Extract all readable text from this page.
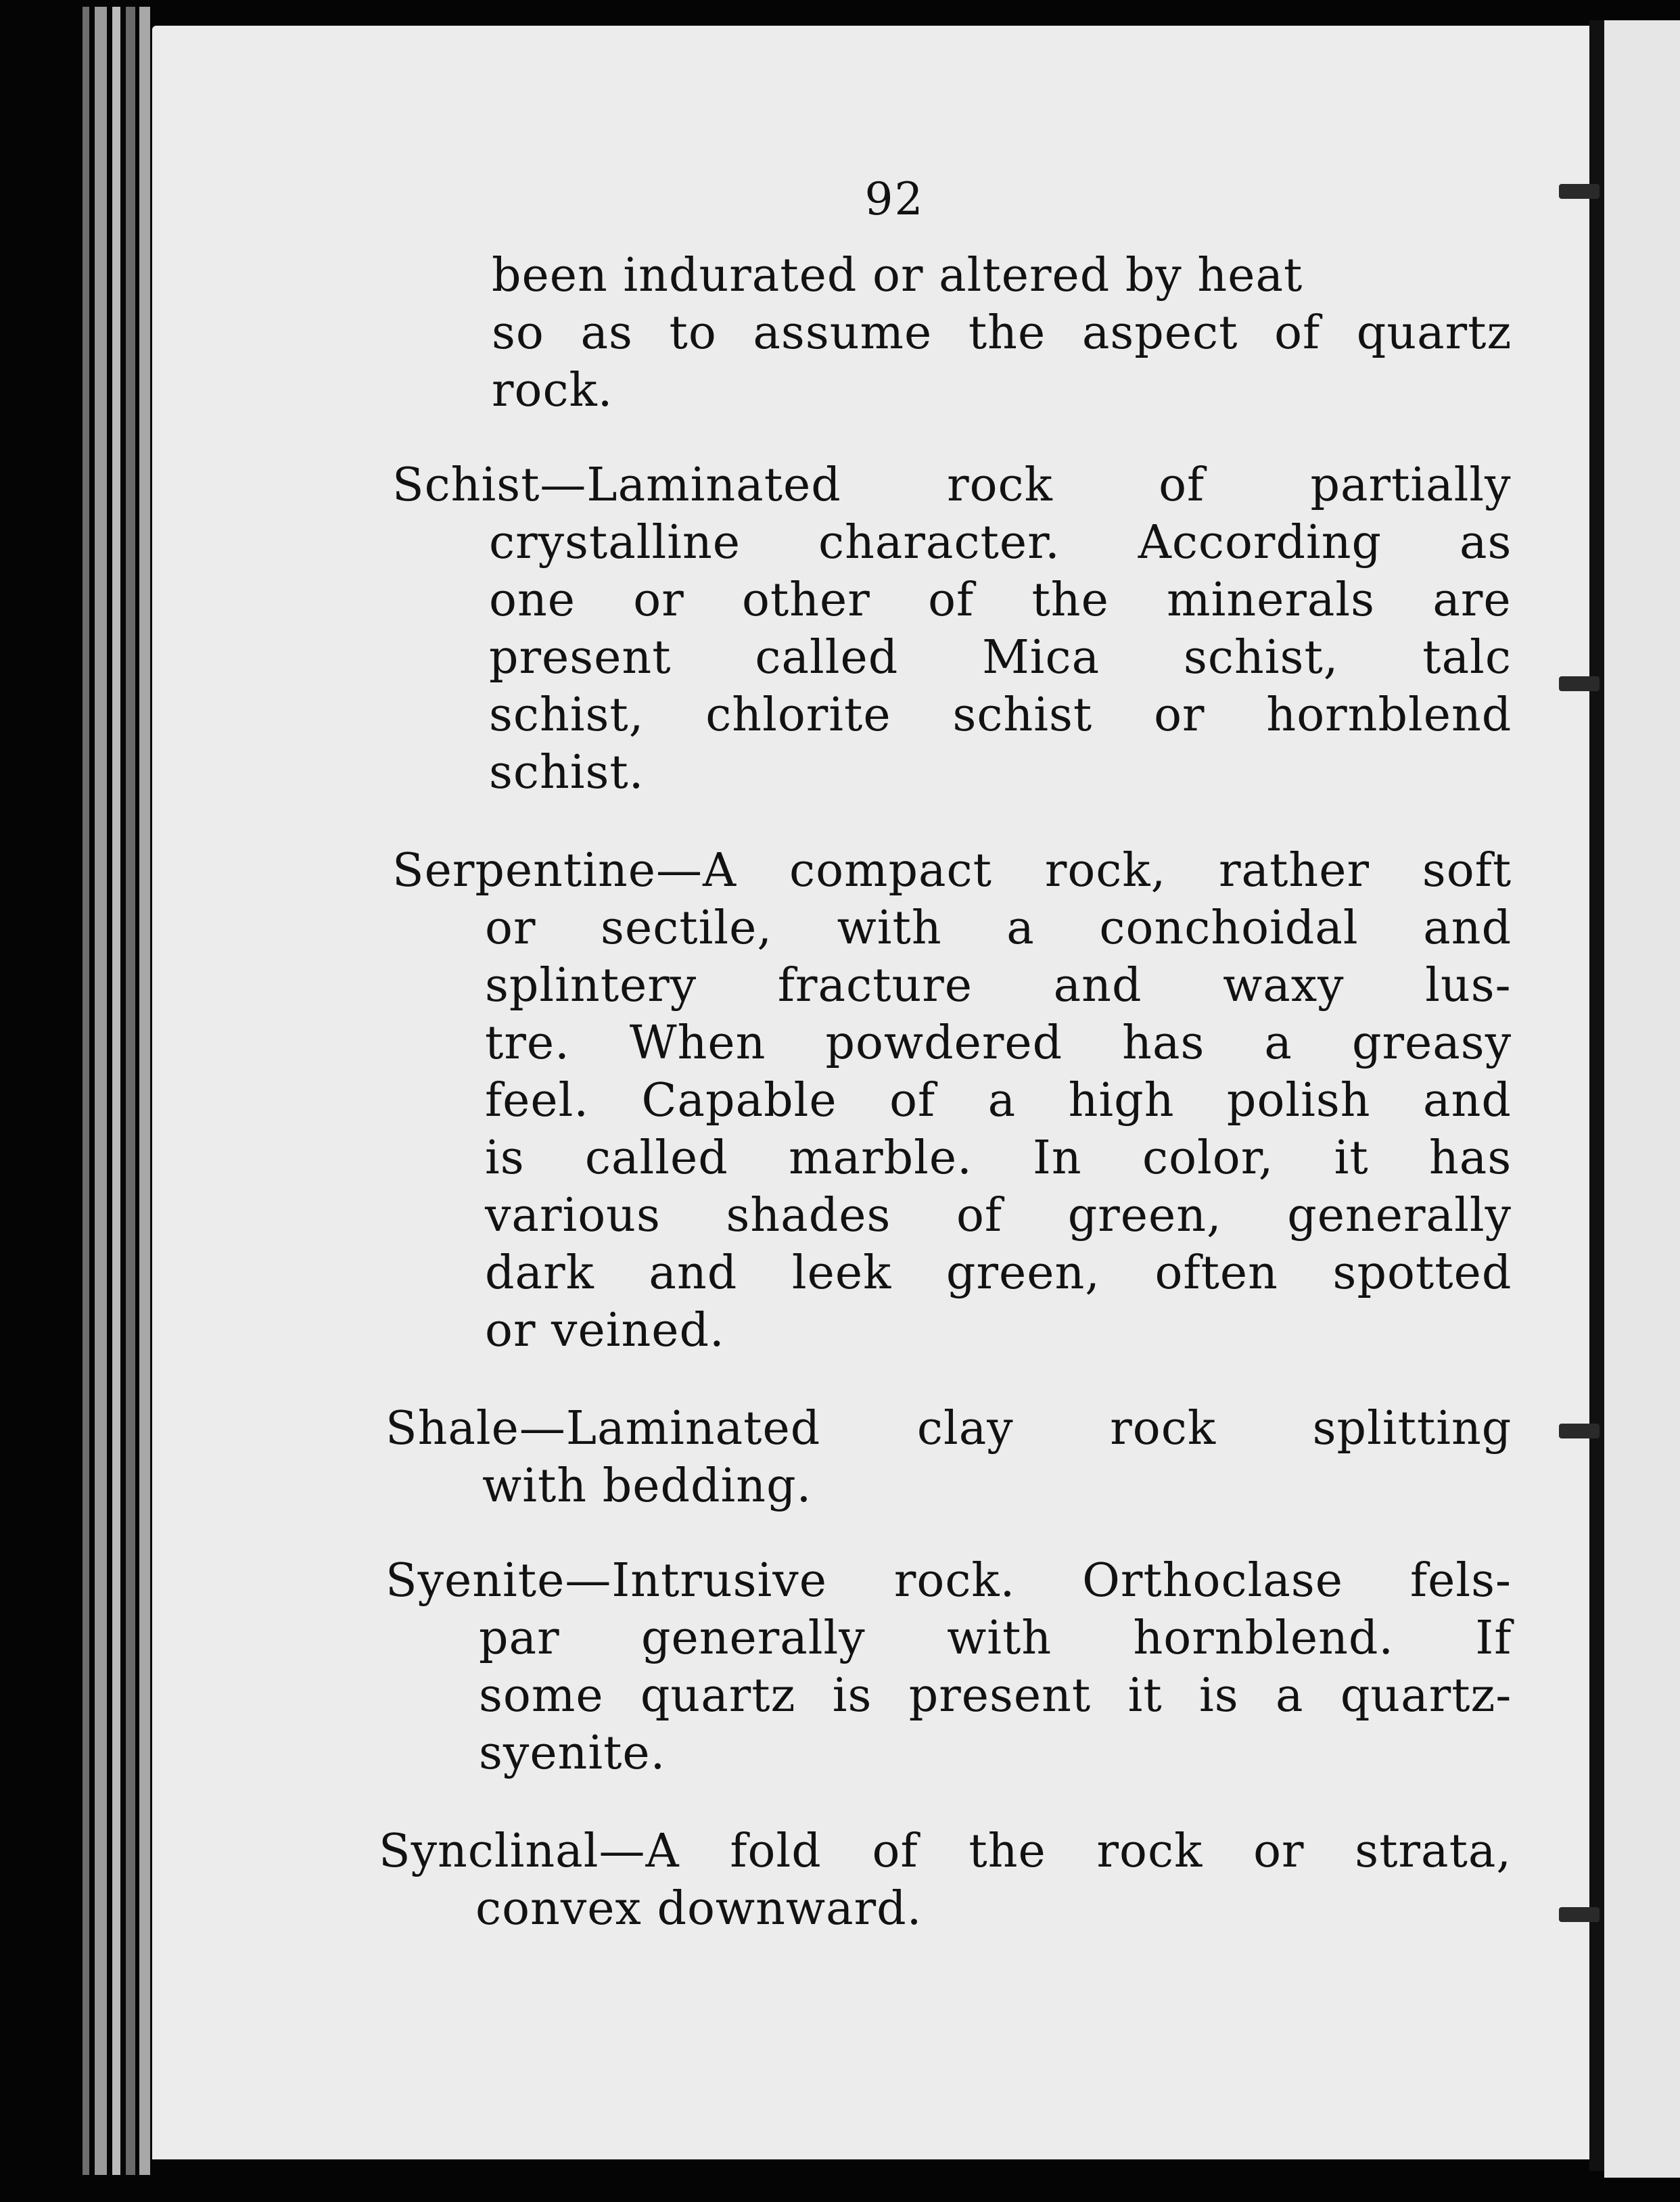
92
been indurated or altered by heat
so as to assume the aspect of quartz
rock.
Schist—Laminated rock of partially
crystalline character. According as
one or other of the minerals are
present called Mica schist, talc
schist, chlorite schist or hornblend
schist.
Serpentine—A compact rock, rather soft
or sectile, with a conchoidal and
splintery fracture and waxy lus-
tre. When powdered has a greasy
feel. Capable of a high polish and
is called marble. In color, it has
various shades of green, generally
dark and leek green, often spotted
or veined.
Shale—Laminated clay rock splitting
with bedding.
Syenite—Intrusive rock. Orthoclase fels-
par generally with hornblend. If
some quartz is present it is a quartz-
syenite.
Synclinal—A fold of the rock or strata,
convex downward.
